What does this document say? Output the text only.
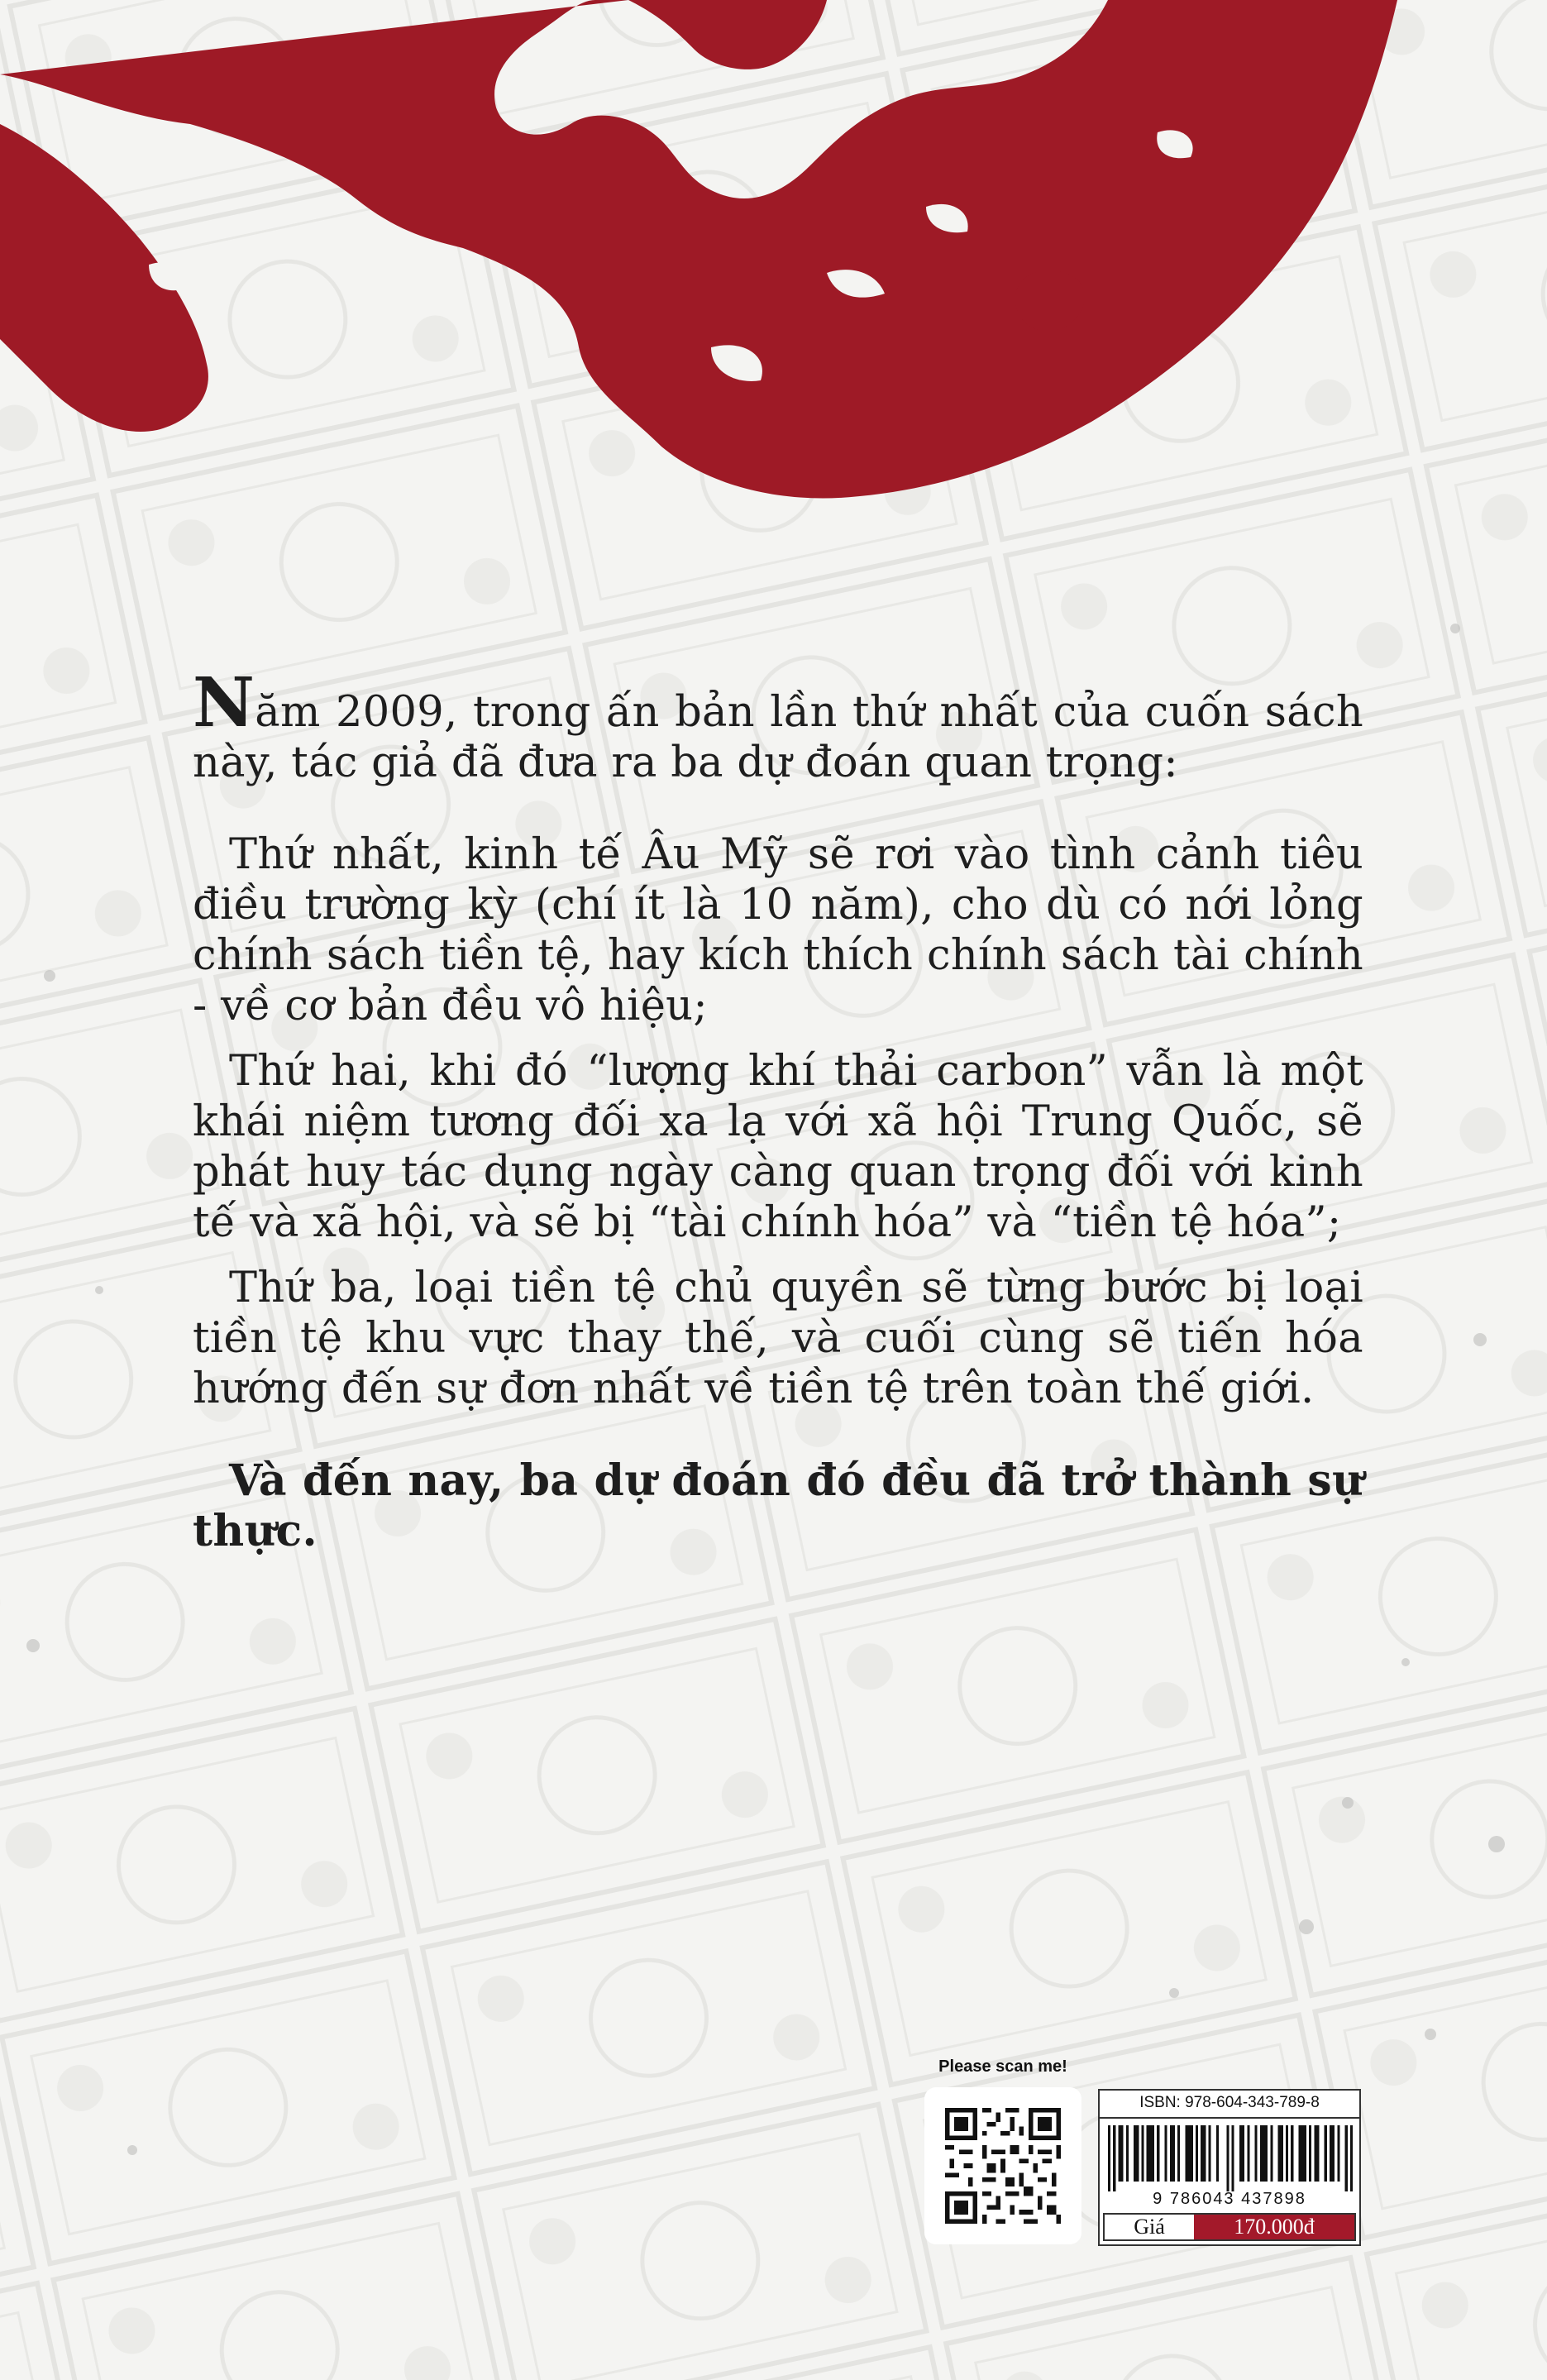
Năm 2009, trong ấn bản lần thứ nhất của cuốn sách này, tác giả đã đưa ra ba dự đoán quan trọng:

Thứ nhất, kinh tế Âu Mỹ sẽ rơi vào tình cảnh tiêu điều trường kỳ (chí ít là 10 năm), cho dù có nới lỏng chính sách tiền tệ, hay kích thích chính sách tài chính - về cơ bản đều vô hiệu;

Thứ hai, khi đó “lượng khí thải carbon” vẫn là một khái niệm tương đối xa lạ với xã hội Trung Quốc, sẽ phát huy tác dụng ngày càng quan trọng đối với kinh tế và xã hội, và sẽ bị “tài chính hóa” và “tiền tệ hóa”;

Thứ ba, loại tiền tệ chủ quyền sẽ từng bước bị loại tiền tệ khu vực thay thế, và cuối cùng sẽ tiến hóa hướng đến sự đơn nhất về tiền tệ trên toàn thế giới.

Và đến nay, ba dự đoán đó đều đã trở thành sự thực.

Please scan me!
ISBN: 978-604-343-789-8
9 786043 437898
Giá	170.000đ
